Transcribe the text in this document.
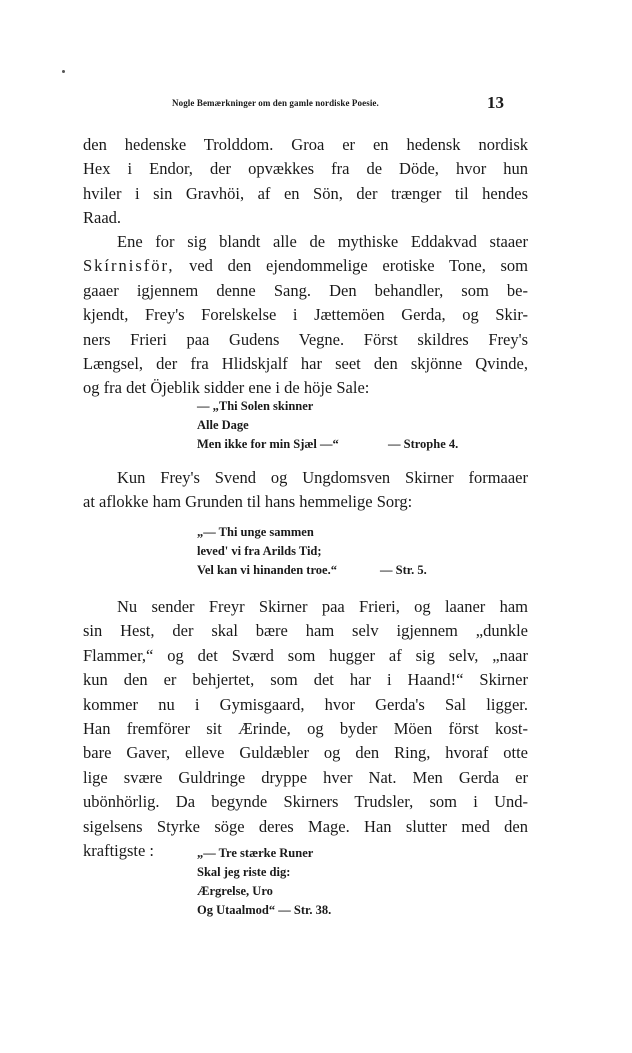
Nogle Bemærkninger om den gamle nordiske Poesie.	13
den hedenske Trolddom. Groa er en hedensk nordisk
Hex i Endor, der opvækkes fra de Döde, hvor hun
hviler i sin Gravhöi, af en Sön, der trænger til hendes
Raad.
Ene for sig blandt alle de mythiske Eddakvad staaer
Skírnisför, ved den ejendommelige erotiske Tone, som
gaaer igjennem denne Sang. Den behandler, som be-
kjendt, Frey's Forelskelse i Jættemöen Gerda, og Skir-
ners Frieri paa Gudens Vegne. Först skildres Frey's
Længsel, der fra Hlidskjalf har seet den skjönne Qvinde,
og fra det Öjeblik sidder ene i de höje Sale:
— „Thi Solen skinner
Alle Dage
Men ikke for min Sjæl —“	— Strophe 4.
Kun Frey's Svend og Ungdomsven Skirner formaaer
at aflokke ham Grunden til hans hemmelige Sorg:
„— Thi unge sammen
leved' vi fra Arilds Tid;
Vel kan vi hinanden troe.“	— Str. 5.
Nu sender Freyr Skirner paa Frieri, og laaner ham
sin Hest, der skal bære ham selv igjennem „dunkle
Flammer,“ og det Sværd som hugger af sig selv, „naar
kun den er behjertet, som det har i Haand!“ Skirner
kommer nu i Gymisgaard, hvor Gerda's Sal ligger.
Han fremförer sit Ærinde, og byder Möen först kost-
bare Gaver, elleve Guldæbler og den Ring, hvoraf otte
lige svære Guldringe dryppe hver Nat. Men Gerda er
ubönhörlig. Da begynde Skirners Trudsler, som i Und-
sigelsens Styrke söge deres Mage. Han slutter med den
kraftigste :	„— Tre stærke Runer
Skal jeg riste dig:
Ærgrelse, Uro
Og Utaalmod“ — Str. 38.
